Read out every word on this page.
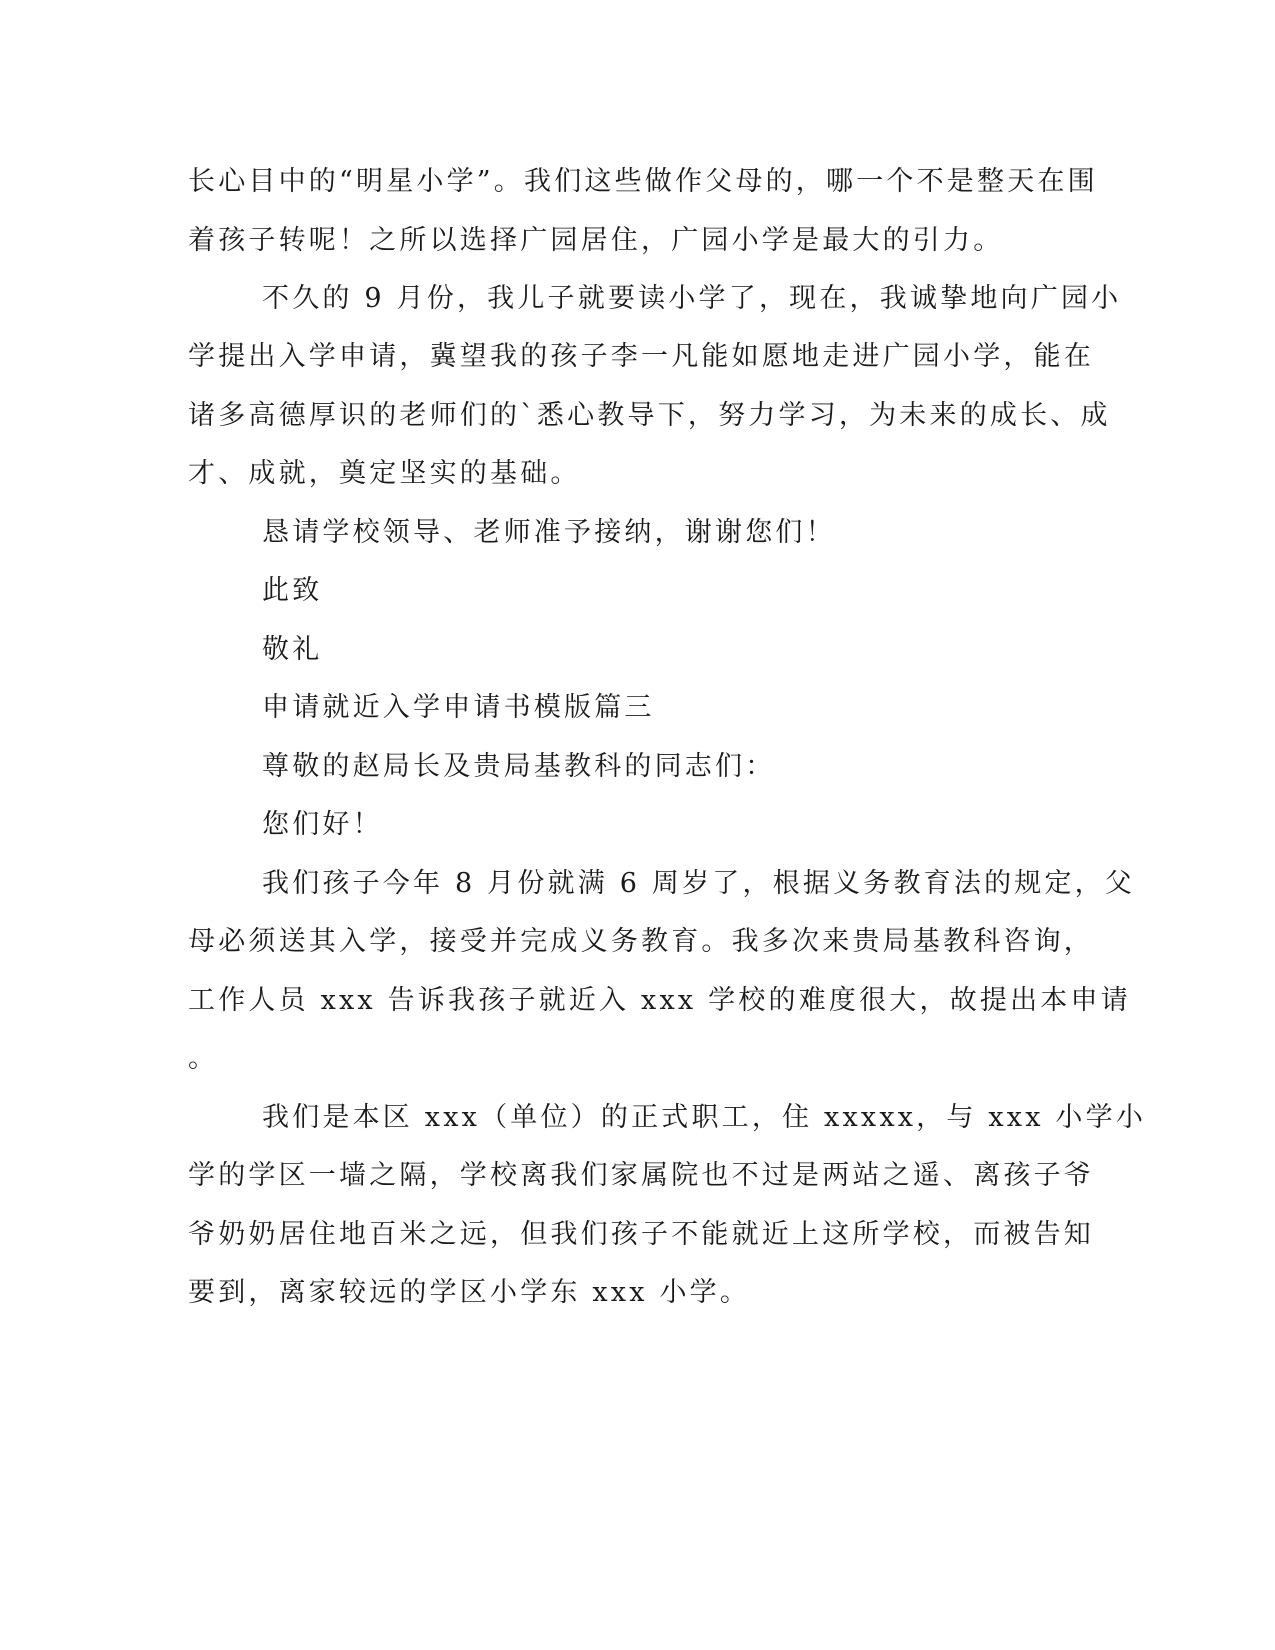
长心目中的“明星小学”。我们这些做作父母的，哪一个不是整天在围
着孩子转呢！之所以选择广园居住，广园小学是最大的引力。
不久的 9 月份，我儿子就要读小学了，现在，我诚挚地向广园小
学提出入学申请，冀望我的孩子李一凡能如愿地走进广园小学，能在
诸多高德厚识的老师们的`悉心教导下，努力学习，为未来的成长、成
才、成就，奠定坚实的基础。
恳请学校领导、老师准予接纳，谢谢您们！
此致
敬礼
申请就近入学申请书模版篇三
尊敬的赵局长及贵局基教科的同志们：
您们好！
我们孩子今年 8 月份就满 6 周岁了，根据义务教育法的规定，父
母必须送其入学，接受并完成义务教育。我多次来贵局基教科咨询，
工作人员 xxx 告诉我孩子就近入 xxx 学校的难度很大，故提出本申请
。
我们是本区 xxx（单位）的正式职工，住 xxxxx，与 xxx 小学小
学的学区一墙之隔，学校离我们家属院也不过是两站之遥、离孩子爷
爷奶奶居住地百米之远，但我们孩子不能就近上这所学校，而被告知
要到，离家较远的学区小学东 xxx 小学。
